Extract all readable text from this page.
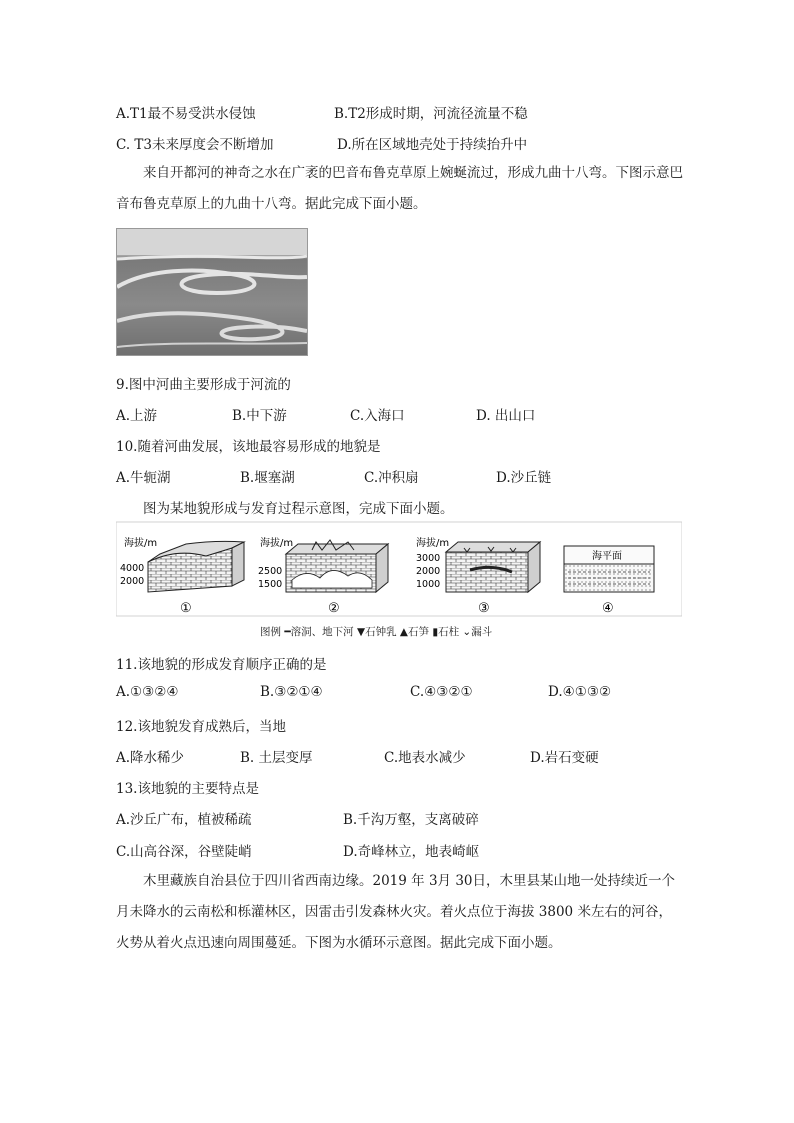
A.T1最不易受洪水侵蚀	B.T2形成时期，河流径流量不稳
C. T3未来厚度会不断增加	D.所在区域地壳处于持续抬升中
来自开都河的神奇之水在广袤的巴音布鲁克草原上婉蜒流过，形成九曲十八弯。下图示意巴音布鲁克草原上的九曲十八弯。据此完成下面小题。
9.图中河曲主要形成于河流的
A.上游	B.中下游	C.入海口	D. 出山口
10.随着河曲发展，该地最容易形成的地貌是
A.牛轭湖	B.堰塞湖	C.冲积扇	D.沙丘链
图为某地貌形成与发育过程示意图，完成下面小题。
海拔/m
4000
2000
①
海拔/m
2500
1500
②
海拔/m
3000
2000
1000
③
海平面
④
图例 ━溶洞、地下河 ▼石钟乳 ▲石笋 ▮石柱 ⌄漏斗
11.该地貌的形成发育顺序正确的是
A.①③②④	B.③②①④	C.④③②①	D.④①③②
12.该地貌发育成熟后，当地
A.降水稀少	B. 土层变厚	C.地表水减少	D.岩石变硬
13.该地貌的主要特点是
A.沙丘广布，植被稀疏	B.千沟万壑，支离破碎
C.山高谷深，谷壁陡峭	D.奇峰林立，地表崎岖
木里藏族自治县位于四川省西南边缘。2019 年 3月 30日，木里县某山地一处持续近一个月未降水的云南松和栎灌林区，因雷击引发森林火灾。着火点位于海拔 3800 米左右的河谷，火势从着火点迅速向周围蔓延。下图为水循环示意图。据此完成下面小题。
